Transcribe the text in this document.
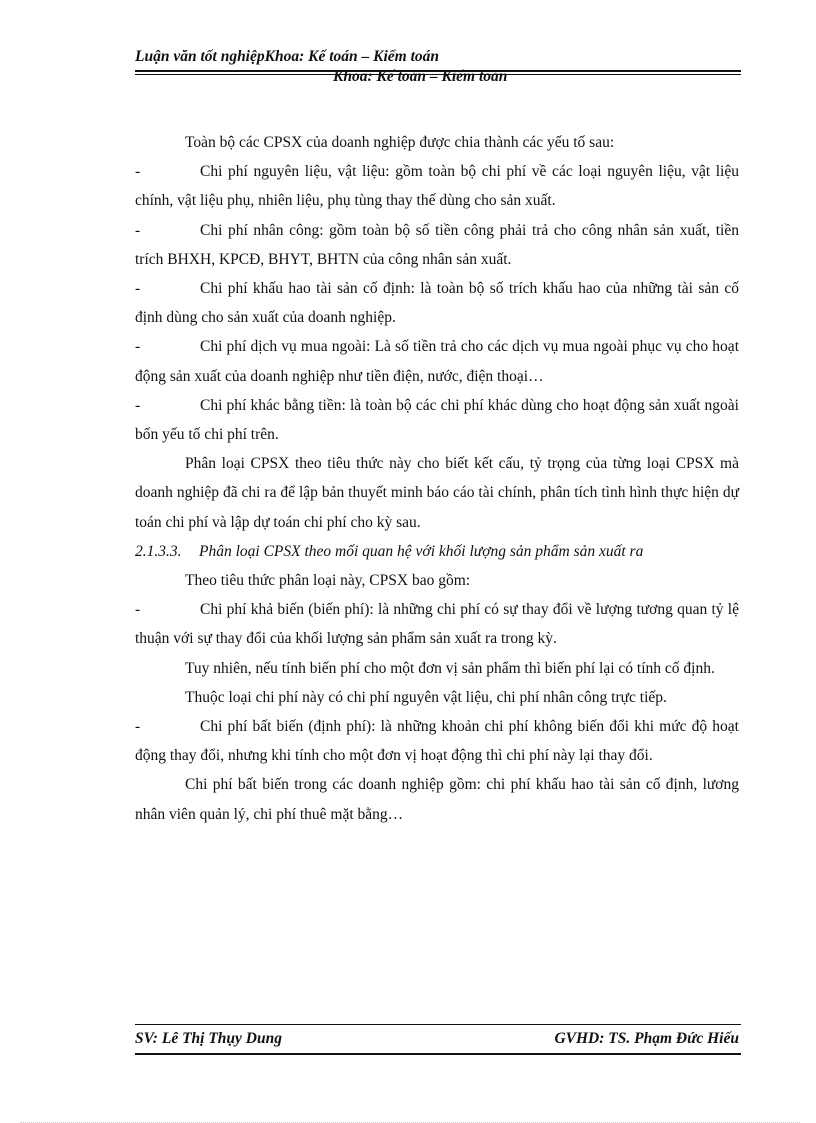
Luận văn tốt nghiệpKhoa: Kế toán – Kiểm toán
Khoa: Kế toán – Kiểm toán

Toàn bộ các CPSX của doanh nghiệp được chia thành các yếu tố sau:

-	Chi phí nguyên liệu, vật liệu: gồm toàn bộ chi phí về các loại nguyên liệu, vật liệu chính, vật liệu phụ, nhiên liệu, phụ tùng thay thế dùng cho sản xuất.

-	Chi phí nhân công: gồm toàn bộ số tiền công phải trả cho công nhân sản xuất, tiền trích BHXH, KPCĐ, BHYT, BHTN của công nhân sản xuất.

-	Chi phí khấu hao tài sản cố định: là toàn bộ số trích khấu hao của những tài sản cố định dùng cho sản xuất của doanh nghiệp.

-	Chi phí dịch vụ mua ngoài: Là số tiền trả cho các dịch vụ mua ngoài phục vụ cho hoạt động sản xuất của doanh nghiệp như tiền điện, nước, điện thoại…

-	Chi phí khác bằng tiền: là toàn bộ các chi phí khác dùng cho hoạt động sản xuất ngoài bốn yếu tố chi phí trên.

Phân loại CPSX theo tiêu thức này cho biết kết cấu, tỷ trọng của từng loại CPSX mà doanh nghiệp đã chi ra để lập bản thuyết minh báo cáo tài chính, phân tích tình hình thực hiện dự toán chi phí và lập dự toán chi phí cho kỳ sau.

2.1.3.3. Phân loại CPSX theo mối quan hệ với khối lượng sản phẩm sản xuất ra

Theo tiêu thức phân loại này, CPSX bao gồm:

-	Chi phí khả biến (biến phí): là những chi phí có sự thay đổi về lượng tương quan tỷ lệ thuận với sự thay đổi của khối lượng sản phẩm sản xuất ra trong kỳ.

Tuy nhiên, nếu tính biến phí cho một đơn vị sản phẩm thì biến phí lại có tính cố định.

Thuộc loại chi phí này có chi phí nguyên vật liệu, chi phí nhân công trực tiếp.

-	Chi phí bất biến (định phí): là những khoản chi phí không biến đổi khi mức độ hoạt động thay đổi, nhưng khi tính cho một đơn vị hoạt động thì chi phí này lại thay đổi.

Chi phí bất biến trong các doanh nghiệp gồm: chi phí khấu hao tài sản cố định, lương nhân viên quản lý, chi phí thuê mặt bằng…

SV: Lê Thị Thụy Dung	GVHD: TS. Phạm Đức Hiếu
